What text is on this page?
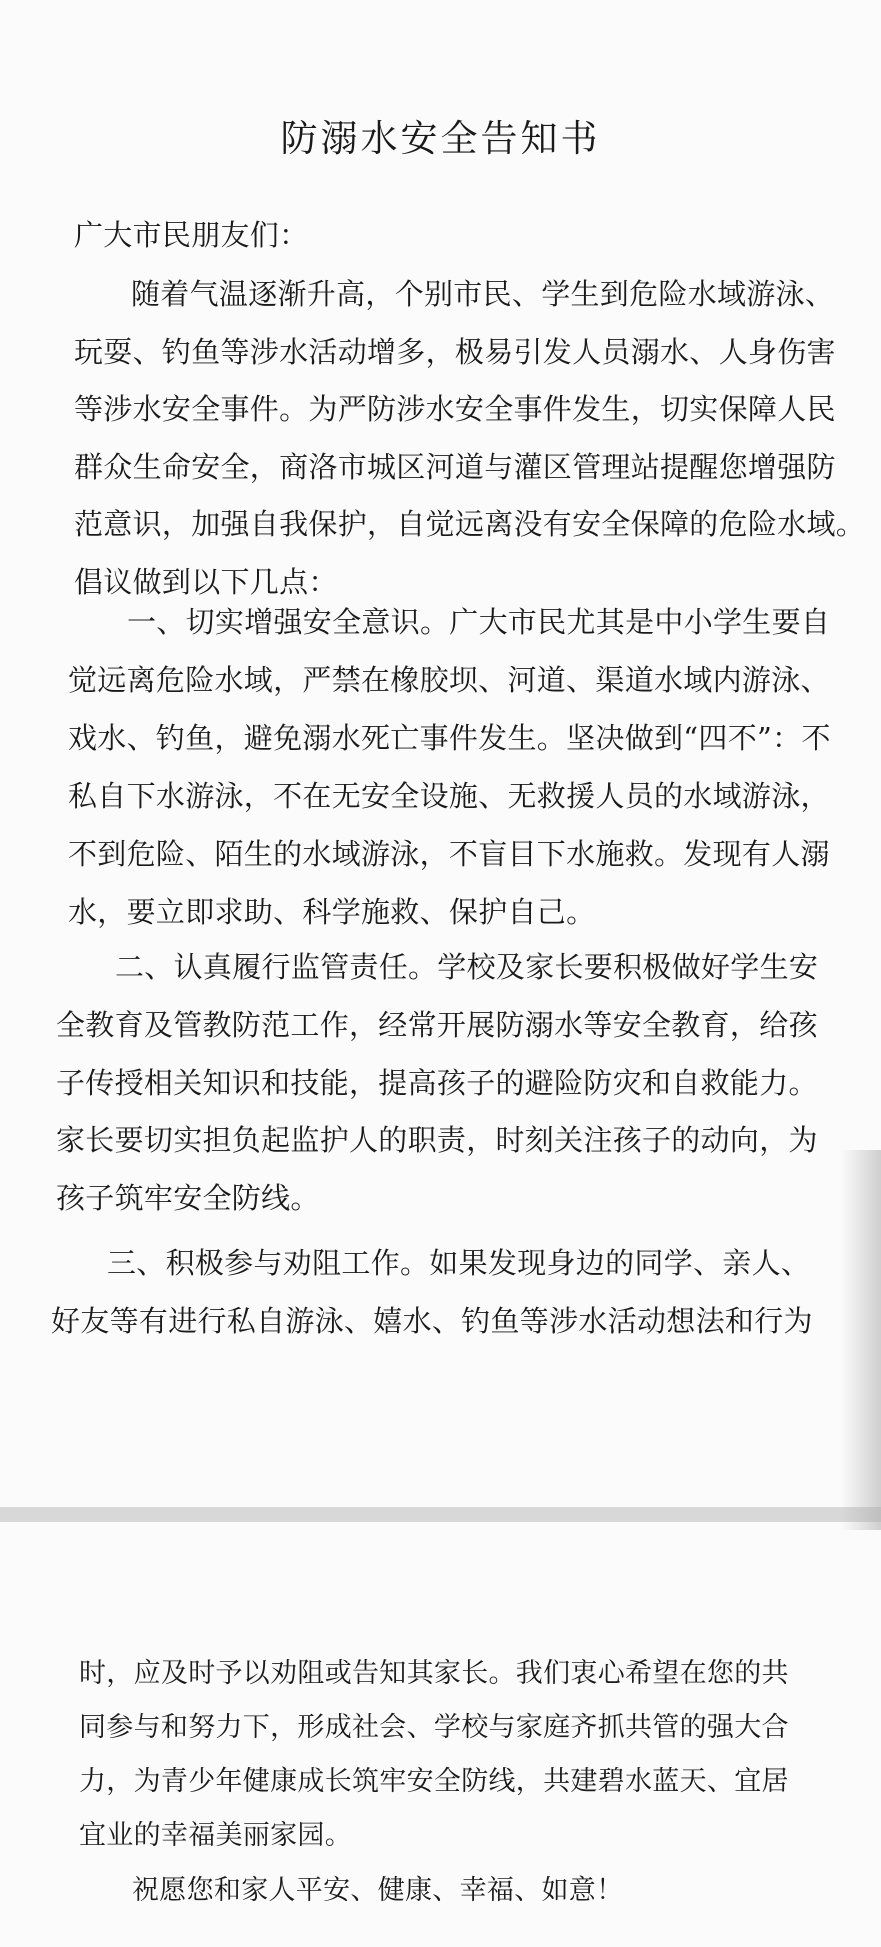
防溺水安全告知书
广大市民朋友们：
随着气温逐渐升高，个别市民、学生到危险水域游泳、
玩耍、钓鱼等涉水活动增多，极易引发人员溺水、人身伤害
等涉水安全事件。为严防涉水安全事件发生，切实保障人民
群众生命安全，商洛市城区河道与灌区管理站提醒您增强防
范意识，加强自我保护，自觉远离没有安全保障的危险水域。
倡议做到以下几点：
一、切实增强安全意识。广大市民尤其是中小学生要自
觉远离危险水域，严禁在橡胶坝、河道、渠道水域内游泳、
戏水、钓鱼，避免溺水死亡事件发生。坚决做到“四不”：不
私自下水游泳，不在无安全设施、无救援人员的水域游泳，
不到危险、陌生的水域游泳，不盲目下水施救。发现有人溺
水，要立即求助、科学施救、保护自己。
二、认真履行监管责任。学校及家长要积极做好学生安
全教育及管教防范工作，经常开展防溺水等安全教育，给孩
子传授相关知识和技能，提高孩子的避险防灾和自救能力。
家长要切实担负起监护人的职责，时刻关注孩子的动向，为
孩子筑牢安全防线。
三、积极参与劝阻工作。如果发现身边的同学、亲人、
好友等有进行私自游泳、嬉水、钓鱼等涉水活动想法和行为
时，应及时予以劝阻或告知其家长。我们衷心希望在您的共
同参与和努力下，形成社会、学校与家庭齐抓共管的强大合
力，为青少年健康成长筑牢安全防线，共建碧水蓝天、宜居
宜业的幸福美丽家园。
祝愿您和家人平安、健康、幸福、如意！
